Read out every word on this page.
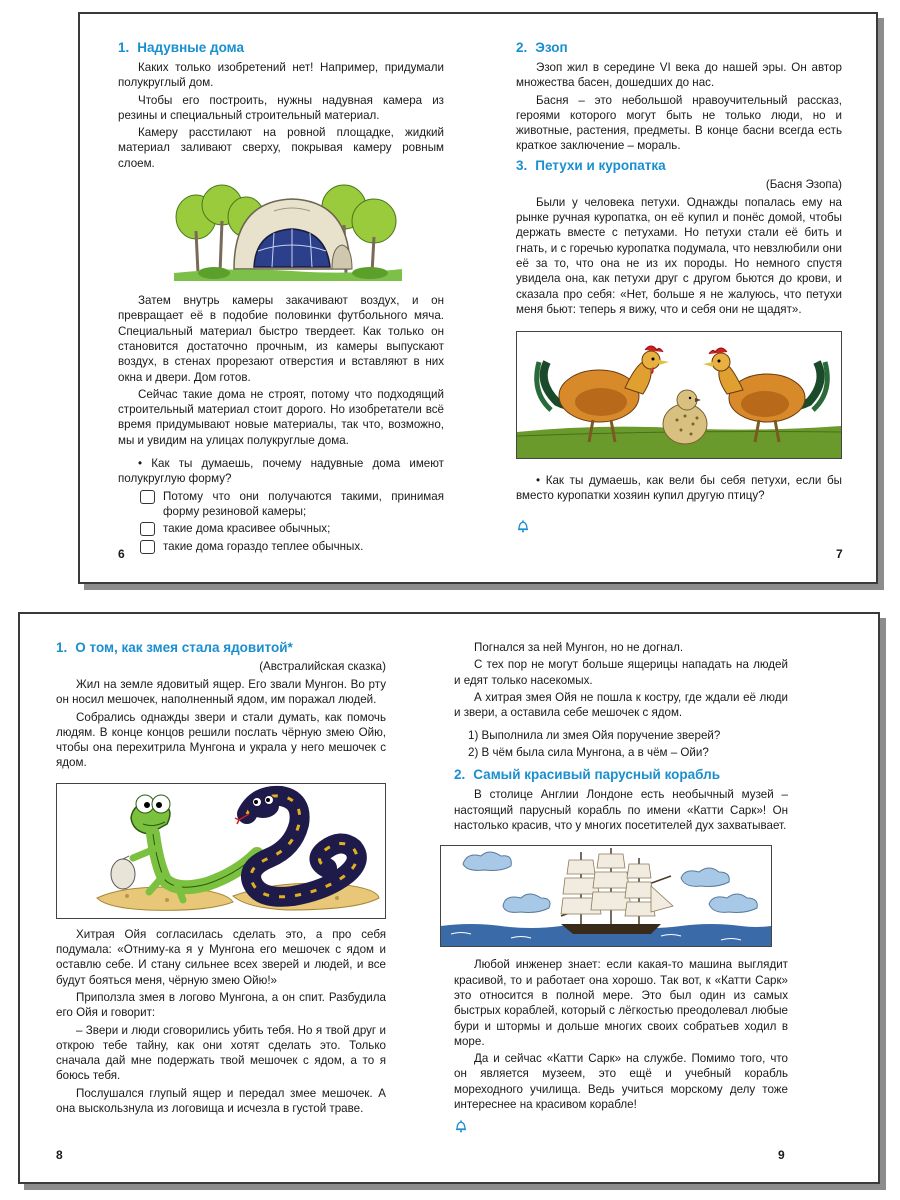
1. Надувные дома

Каких только изобретений нет! Например, придумали полукруглый дом.

Чтобы его построить, нужны надувная камера из резины и специальный строительный материал.

Камеру расстилают на ровной площадке, жидкий материал заливают сверху, покрывая камеру ровным слоем.

Затем внутрь камеры закачивают воздух, и он превращает её в подобие половинки футбольного мяча. Специальный материал быстро твердеет. Как только он становится достаточно прочным, из камеры выпускают воздух, в стенах прорезают отверстия и вставляют в них окна и двери. Дом готов.

Сейчас такие дома не строят, потому что подходящий строительный материал стоит дорого. Но изобретатели всё время придумывают новые материалы, так что, возможно, мы и увидим на улицах полукруглые дома.

• Как ты думаешь, почему надувные дома имеют полукруглую форму?

Потому что они получаются такими, принимая форму резиновой камеры;
такие дома красивее обычных;
такие дома гораздо теплее обычных.
6
2. Эзоп

Эзоп жил в середине VI века до нашей эры. Он автор множества басен, дошедших до нас.

Басня – это небольшой нравоучительный рассказ, героями которого могут быть не только люди, но и животные, растения, предметы. В конце басни всегда есть краткое заключение – мораль.

3. Петухи и куропатка

(Басня Эзопа)

Были у человека петухи. Однажды попалась ему на рынке ручная куропатка, он её купил и понёс домой, чтобы держать вместе с петухами. Но петухи стали её бить и гнать, и с горечью куропатка подумала, что невзлюбили они её за то, что она не из их породы. Но немного спустя увидела она, как петухи друг с другом бьются до крови, и сказала про себя: «Нет, больше я не жалуюсь, что петухи меня бьют: теперь я вижу, что и себя они не щадят».

• Как ты думаешь, как вели бы себя петухи, если бы вместо куропатки хозяин купил другую птицу?

7
1. О том, как змея стала ядовитой*

(Австралийская сказка)

Жил на земле ядовитый ящер. Его звали Мунгон. Во рту он носил мешочек, наполненный ядом, им поражал людей.

Собрались однажды звери и стали думать, как помочь людям. В конце концов решили послать чёрную змею Ойю, чтобы она перехитрила Мунгона и украла у него мешочек с ядом.

Хитрая Ойя согласилась сделать это, а про себя подумала: «Отниму-ка я у Мунгона его мешочек с ядом и оставлю себе. И стану сильнее всех зверей и людей, и все будут бояться меня, чёрную змею Ойю!»

Приползла змея в логово Мунгона, а он спит. Разбудила его Ойя и говорит:

– Звери и люди сговорились убить тебя. Но я твой друг и открою тебе тайну, как они хотят сделать это. Только сначала дай мне подержать твой мешочек с ядом, а то я боюсь тебя.

Послушался глупый ящер и передал змее мешочек. А она выскользнула из логовища и исчезла в густой траве.

8

Погнался за ней Мунгон, но не догнал.

С тех пор не могут больше ящерицы нападать на людей и едят только насекомых.

А хитрая змея Ойя не пошла к костру, где ждали её люди и звери, а оставила себе мешочек с ядом.

1) Выполнила ли змея Ойя поручение зверей?
2) В чём была сила Мунгона, а в чём – Ойи?
2. Самый красивый парусный корабль

В столице Англии Лондоне есть необычный музей – настоящий парусный корабль по имени «Катти Сарк»! Он настолько красив, что у многих посетителей дух захватывает.

Любой инженер знает: если какая-то машина выглядит красивой, то и работает она хорошо. Так вот, к «Катти Сарк» это относится в полной мере. Это был один из самых быстрых кораблей, который с лёгкостью преодолевал любые бури и штормы и дольше многих своих собратьев ходил в море.

Да и сейчас «Катти Сарк» на службе. Помимо того, что он является музеем, это ещё и учебный корабль мореходного училища. Ведь учиться морскому делу тоже интереснее на красивом корабле!

9
